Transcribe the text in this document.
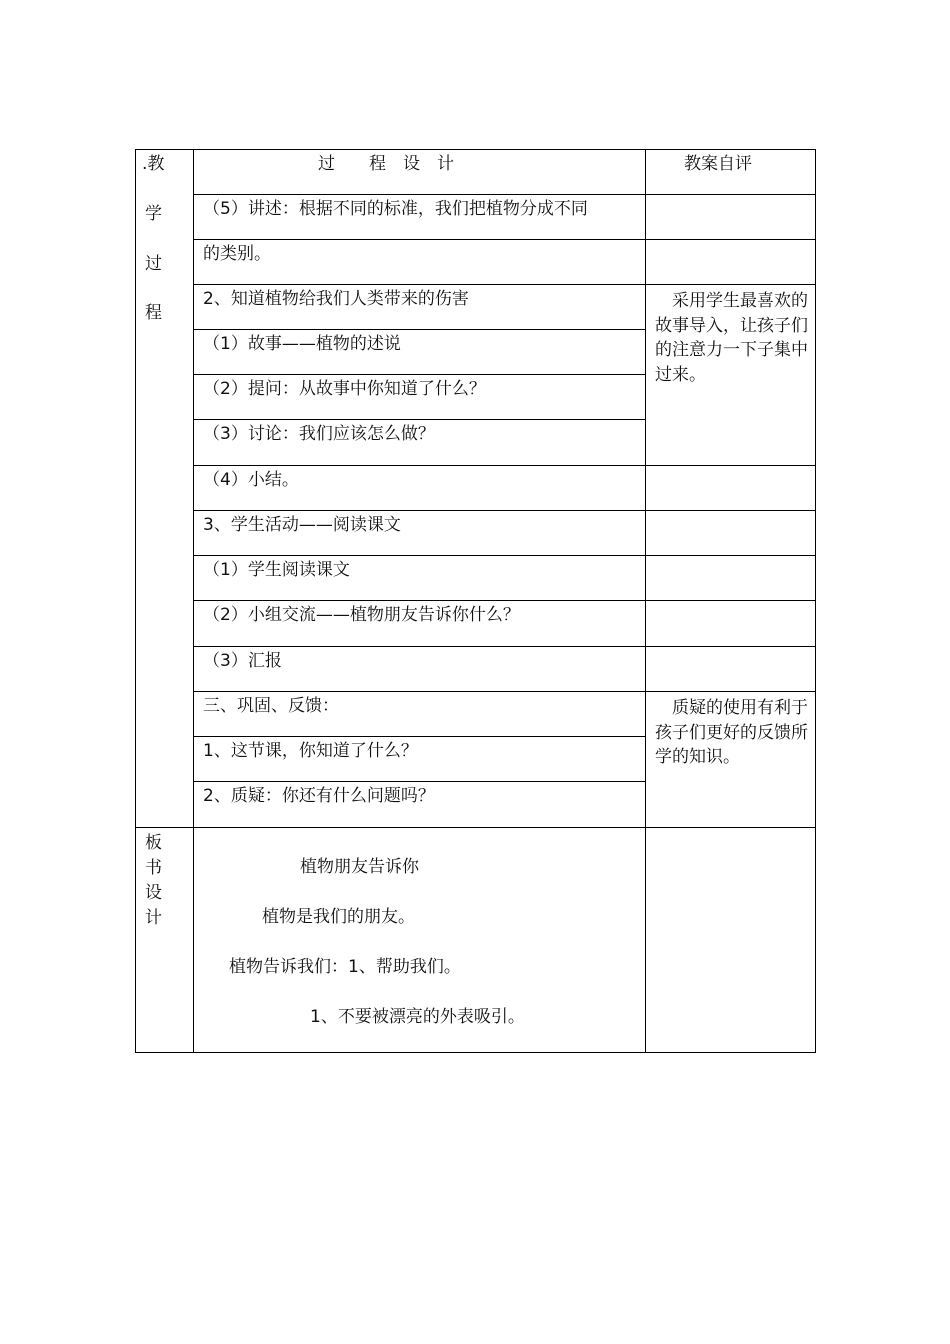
.教
学
过
程
板
书
设
计
过　　程　设　计	教案自评
（5）讲述：根据不同的标准，我们把植物分成不同
的类别。
2、知道植物给我们人类带来的伤害
（1）故事——植物的述说
（2）提问：从故事中你知道了什么？
（3）讨论：我们应该怎么做？
（4）小结。
3、学生活动——阅读课文
（1）学生阅读课文
（2）小组交流——植物朋友告诉你什么？
（3）汇报
三、巩固、反馈：
1、这节课，你知道了什么？
2、质疑：你还有什么问题吗？
　采用学生最喜欢的故事导入，让孩子们的注意力一下子集中过来。
　质疑的使用有利于孩子们更好的反馈所学的知识。
植物朋友告诉你
植物是我们的朋友。
植物告诉我们：1、帮助我们。
1、不要被漂亮的外表吸引。
